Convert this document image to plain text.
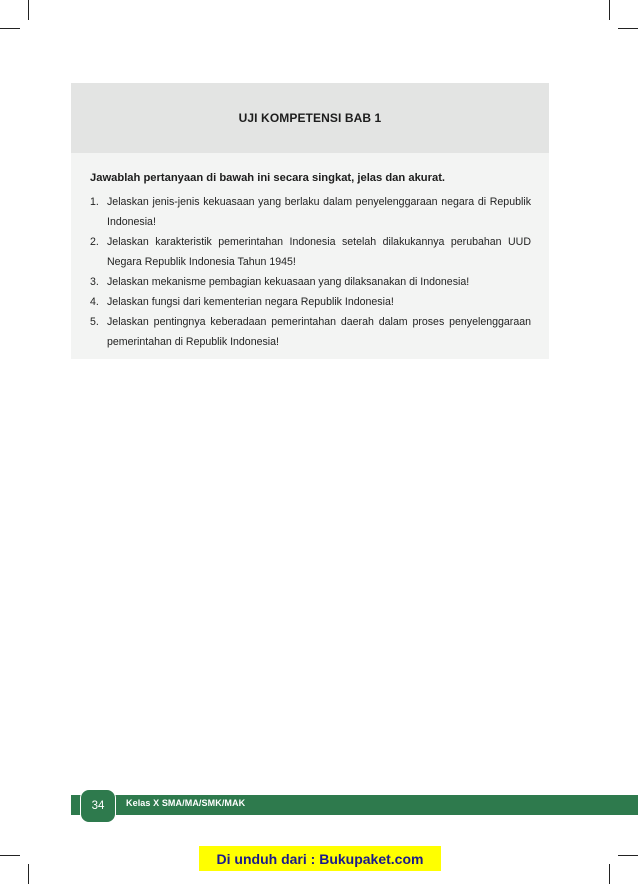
UJI KOMPETENSI BAB 1

Jawablah pertanyaan di bawah ini secara singkat, jelas dan akurat.

1. Jelaskan jenis-jenis kekuasaan yang berlaku dalam penyelenggaraan negara di Republik Indonesia!
2. Jelaskan karakteristik pemerintahan Indonesia setelah dilakukannya perubahan UUD Negara Republik Indonesia Tahun 1945!
3. Jelaskan mekanisme pembagian kekuasaan yang dilaksanakan di Indonesia!
4. Jelaskan fungsi dari kementerian negara Republik Indonesia!
5. Jelaskan pentingnya keberadaan pemerintahan daerah dalam proses penyelenggaraan pemerintahan di Republik Indonesia!
34 Kelas X SMA/MA/SMK/MAK
Di unduh dari : Bukupaket.com
